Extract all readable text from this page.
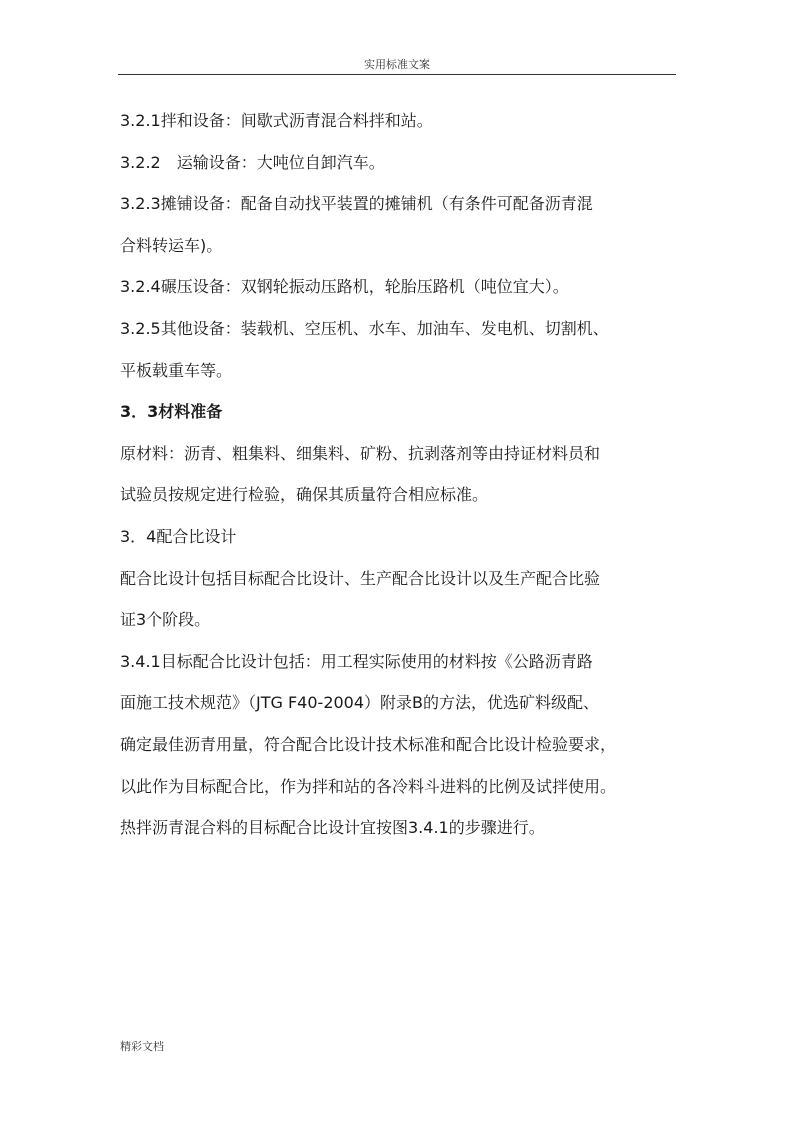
实用标准文案
3.2.1拌和设备：间歇式沥青混合料拌和站。
3.2.2　运输设备：大吨位自卸汽车。
3.2.3摊铺设备：配备自动找平装置的摊铺机（有条件可配备沥青混
合料转运车)。
3.2.4碾压设备：双钢轮振动压路机，轮胎压路机（吨位宜大）。
3.2.5其他设备：装载机、空压机、水车、加油车、发电机、切割机、
平板载重车等。
3．3材料准备
原材料：沥青、粗集料、细集料、矿粉、抗剥落剂等由持证材料员和
试验员按规定进行检验，确保其质量符合相应标准。
3．4配合比设计
配合比设计包括目标配合比设计、生产配合比设计以及生产配合比验
证3个阶段。
3.4.1目标配合比设计包括：用工程实际使用的材料按《公路沥青路
面施工技术规范》（JTG F40-2004）附录B的方法，优选矿料级配、
确定最佳沥青用量，符合配合比设计技术标准和配合比设计检验要求，
以此作为目标配合比，作为拌和站的各冷料斗进料的比例及试拌使用。
热拌沥青混合料的目标配合比设计宜按图3.4.1的步骤进行。
精彩文档
